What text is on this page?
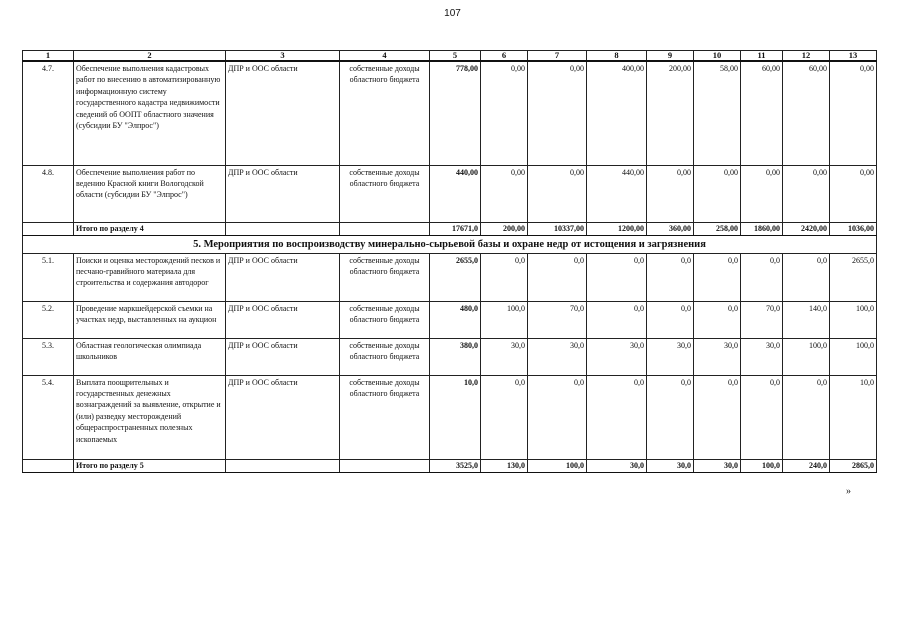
107
1	2	3	4	5	6	7	8	9	10	11	12	13
4.7.	Обеспечение выполнения кадастровых работ по внесению в автоматизированную информационную систему государственного кадастра недвижимости сведений об ООПТ областного значения (субсидии БУ "Элпрос")	ДПР и ООС области	собственные доходы областного бюджета	778,00	0,00	0,00	400,00	200,00	58,00	60,00	60,00	0,00
4.8.	Обеспечение выполнения работ по ведению Красной книги Вологодской области (субсидии БУ "Элпрос")	ДПР и ООС области	собственные доходы областного бюджета	440,00	0,00	0,00	440,00	0,00	0,00	0,00	0,00	0,00
	Итого по разделу 4			17671,0	200,00	10337,00	1200,00	360,00	258,00	1860,00	2420,00	1036,00
5. Мероприятия по воспроизводству минерально-сырьевой базы и охране недр от истощения и загрязнения												
5.1.	Поиски и оценка месторождений песков и песчано-гравийного материала для строительства и содержания автодорог	ДПР и ООС области	собственные доходы областного бюджета	2655,0	0,0	0,0	0,0	0,0	0,0	0,0	0,0	2655,0
5.2.	Проведение маркшейдерской съемки на участках недр, выставленных на аукцион	ДПР и ООС области	собственные доходы областного бюджета	480,0	100,0	70,0	0,0	0,0	0,0	70,0	140,0	100,0
5.3.	Областная геологическая олимпиада школьников	ДПР и ООС области	собственные доходы областного бюджета	380,0	30,0	30,0	30,0	30,0	30,0	30,0	100,0	100,0
5.4.	Выплата поощрительных и государственных денежных вознаграждений за выявление, открытие и (или) разведку месторождений общераспространенных полезных ископаемых	ДПР и ООС области	собственные доходы областного бюджета	10,0	0,0	0,0	0,0	0,0	0,0	0,0	0,0	10,0
	Итого по разделу 5			3525,0	130,0	100,0	30,0	30,0	30,0	100,0	240,0	2865,0
»
